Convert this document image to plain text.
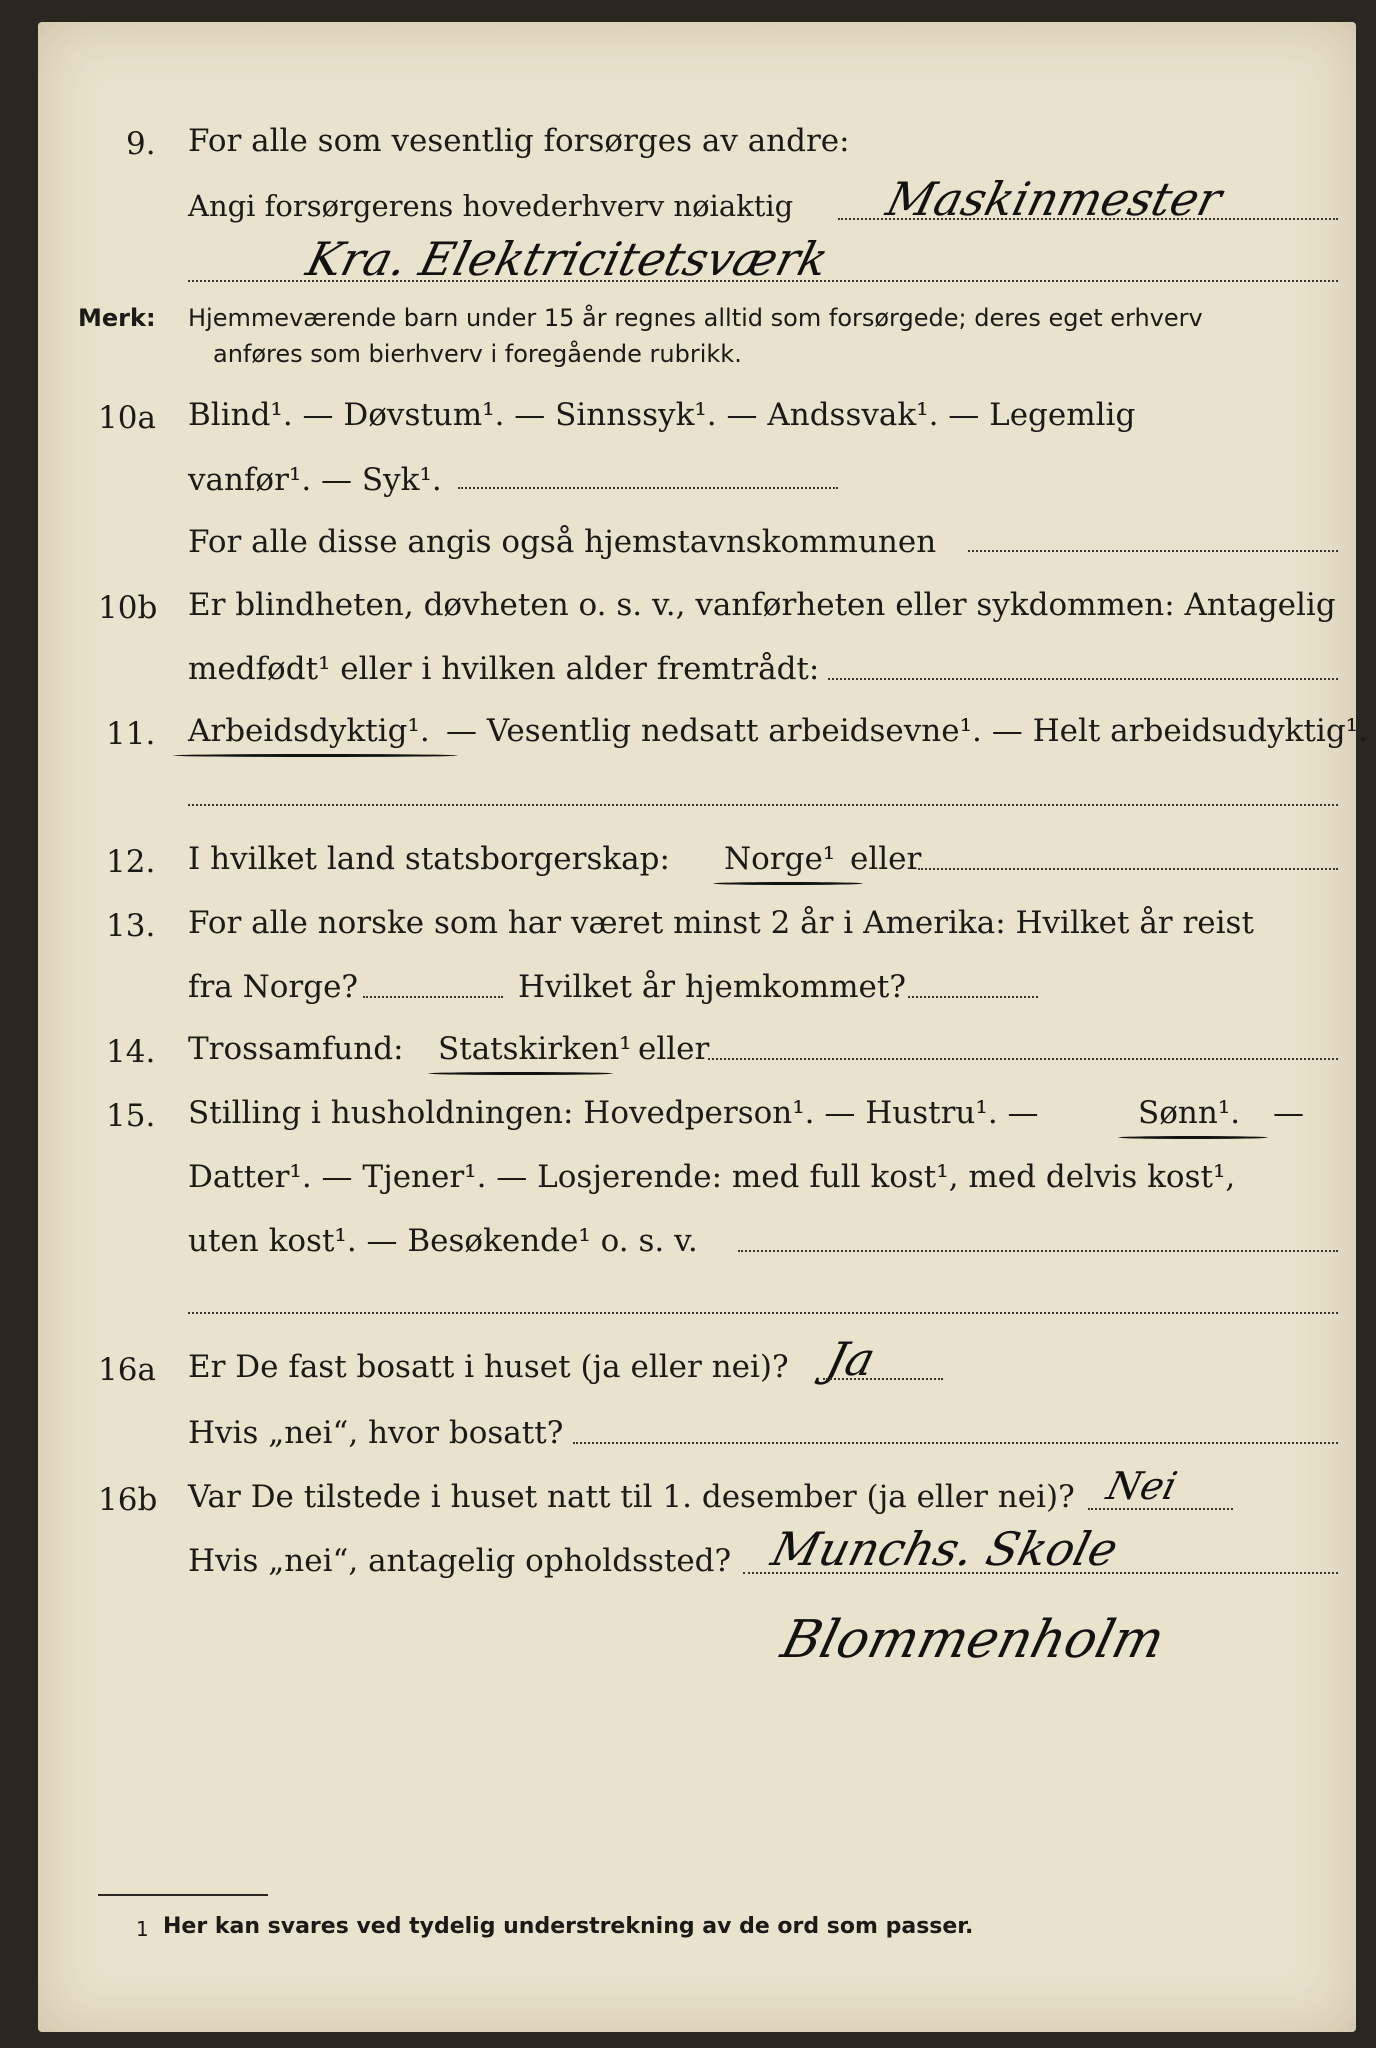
9. For alle som vesentlig forsørges av andre:
Angi forsørgerens hovederhverv nøiaktig Maskinmester
Kra. Elektricitetsværk
Merk: Hjemmeværende barn under 15 år regnes alltid som forsørgede; deres eget erhverv
anføres som bierhverv i foregående rubrikk.
10a Blind¹. — Døvstum¹. — Sinnssyk¹. — Andssvak¹. — Legemlig
vanfør¹. — Syk¹.
For alle disse angis også hjemstavnskommunen
10b Er blindheten, døvheten o. s. v., vanførheten eller sykdommen: Antagelig
medfødt¹ eller i hvilken alder fremtrådt:
11. Arbeidsdyktig¹. — Vesentlig nedsatt arbeidsevne¹. — Helt arbeidsudyktig¹.
12. I hvilket land statsborgerskap: Norge¹ eller
13. For alle norske som har været minst 2 år i Amerika: Hvilket år reist
fra Norge?	Hvilket år hjemkommet?
14. Trossamfund: Statskirken¹ eller
15. Stilling i husholdningen: Hovedperson¹. — Hustru¹. —	Sønn¹. —
Datter¹. — Tjener¹. — Losjerende: med full kost¹, med delvis kost¹,
uten kost¹. — Besøkende¹ o. s. v.
16a Er De fast bosatt i huset (ja eller nei)? Ja
Hvis „nei“, hvor bosatt?
16b Var De tilstede i huset natt til 1. desember (ja eller nei)? Nei
Hvis „nei“, antagelig opholdssted? Munchs. Skole
Blommenholm
1 Her kan svares ved tydelig understrekning av de ord som passer.
